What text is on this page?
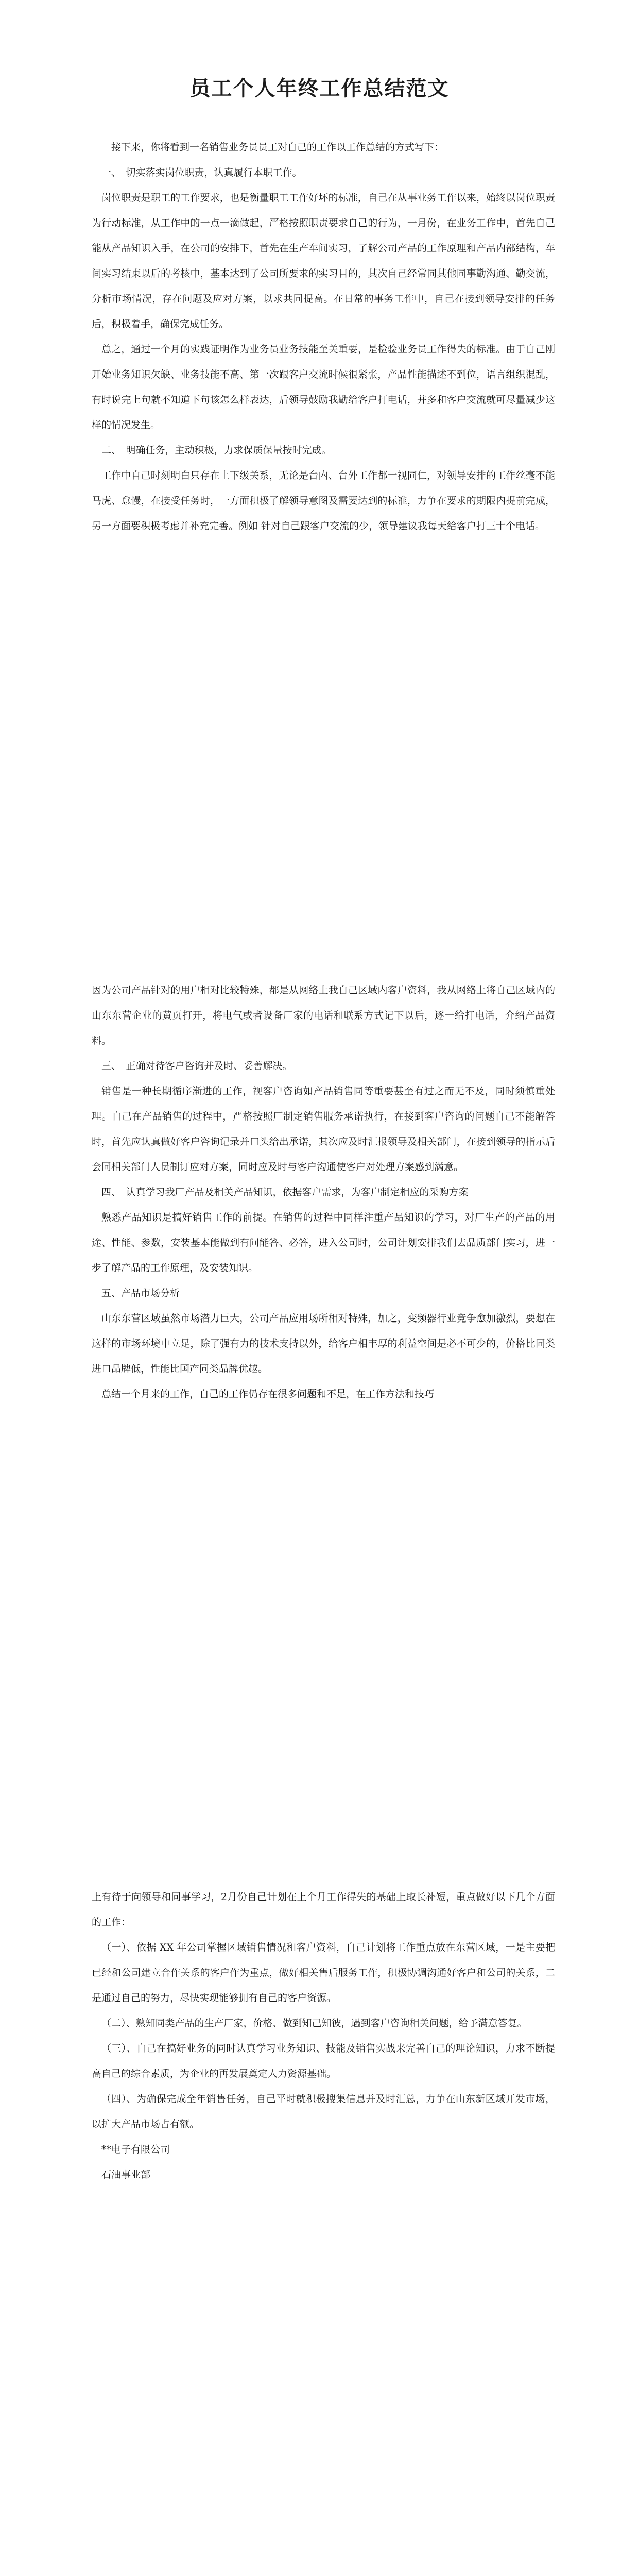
员工个人年终工作总结范文

接下来，你将看到一名销售业务员员工对自己的工作以工作总结的方式写下：

一、　切实落实岗位职责，认真履行本职工作。

岗位职责是职工的工作要求，也是衡量职工工作好坏的标准，自己在从事业务工作以来，始终以岗位职责为行动标准，从工作中的一点一滴做起，严格按照职责要求自己的行为，一月份，在业务工作中，首先自己能从产品知识入手，在公司的安排下，首先在生产车间实习，了解公司产品的工作原理和产品内部结构，车间实习结束以后的考核中，基本达到了公司所要求的实习目的，其次自己经常同其他同事勤沟通、勤交流，分析市场情况，存在问题及应对方案，以求共同提高。在日常的事务工作中，自己在接到领导安排的任务后，积极着手，确保完成任务。

总之，通过一个月的实践证明作为业务员业务技能至关重要，是检验业务员工作得失的标准。由于自己刚开始业务知识欠缺、业务技能不高、第一次跟客户交流时候很紧张，产品性能描述不到位，语言组织混乱，有时说完上句就不知道下句该怎么样表达，后领导鼓励我勤给客户打电话，并多和客户交流就可尽量减少这样的情况发生。

二、　明确任务，主动积极，力求保质保量按时完成。

工作中自己时刻明白只存在上下级关系，无论是台内、台外工作都一视同仁，对领导安排的工作丝毫不能马虎、怠慢，在接受任务时，一方面积极了解领导意图及需要达到的标准，力争在要求的期限内提前完成，另一方面要积极考虑并补充完善。例如 针对自己跟客户交流的少，领导建议我每天给客户打三十个电话。

因为公司产品针对的用户相对比较特殊，都是从网络上我自己区域内客户资料，我从网络上将自己区域内的山东东营企业的黄页打开，将电气或者设备厂家的电话和联系方式记下以后，逐一给打电话，介绍产品资料。

三、　正确对待客户咨询并及时、妥善解决。

销售是一种长期循序渐进的工作，视客户咨询如产品销售同等重要甚至有过之而无不及，同时须慎重处理。自己在产品销售的过程中，严格按照厂制定销售服务承诺执行，在接到客户咨询的问题自己不能解答时，首先应认真做好客户咨询记录并口头给出承诺，其次应及时汇报领导及相关部门，在接到领导的指示后会同相关部门人员制订应对方案，同时应及时与客户沟通使客户对处理方案感到满意。

四、　认真学习我厂产品及相关产品知识，依据客户需求，为客户制定相应的采购方案

熟悉产品知识是搞好销售工作的前提。在销售的过程中同样注重产品知识的学习，对厂生产的产品的用途、性能、参数，安装基本能做到有问能答、必答，进入公司时，公司计划安排我们去品质部门实习，进一步了解产品的工作原理，及安装知识。

五、产品市场分析

山东东营区域虽然市场潜力巨大，公司产品应用场所相对特殊，加之，变频器行业竞争愈加激烈，要想在这样的市场环境中立足，除了强有力的技术支持以外，给客户相丰厚的利益空间是必不可少的，价格比同类进口品牌低，性能比国产同类品牌优越。

总结一个月来的工作，自己的工作仍存在很多问题和不足，在工作方法和技巧

上有待于向领导和同事学习，2月份自己计划在上个月工作得失的基础上取长补短，重点做好以下几个方面的工作：

（一）、依据 XX 年公司掌握区域销售情况和客户资料，自己计划将工作重点放在东营区域，一是主要把已经和公司建立合作关系的客户作为重点，做好相关售后服务工作，积极协调沟通好客户和公司的关系，二是通过自己的努力，尽快实现能够拥有自己的客户资源。

（二）、熟知同类产品的生产厂家，价格、做到知己知彼，遇到客户咨询相关问题，给予满意答复。

（三）、自己在搞好业务的同时认真学习业务知识、技能及销售实战来完善自己的理论知识，力求不断提高自己的综合素质，为企业的再发展奠定人力资源基础。

（四）、为确保完成全年销售任务，自己平时就积极搜集信息并及时汇总，力争在山东新区域开发市场，以扩大产品市场占有额。

**电子有限公司

石油事业部
